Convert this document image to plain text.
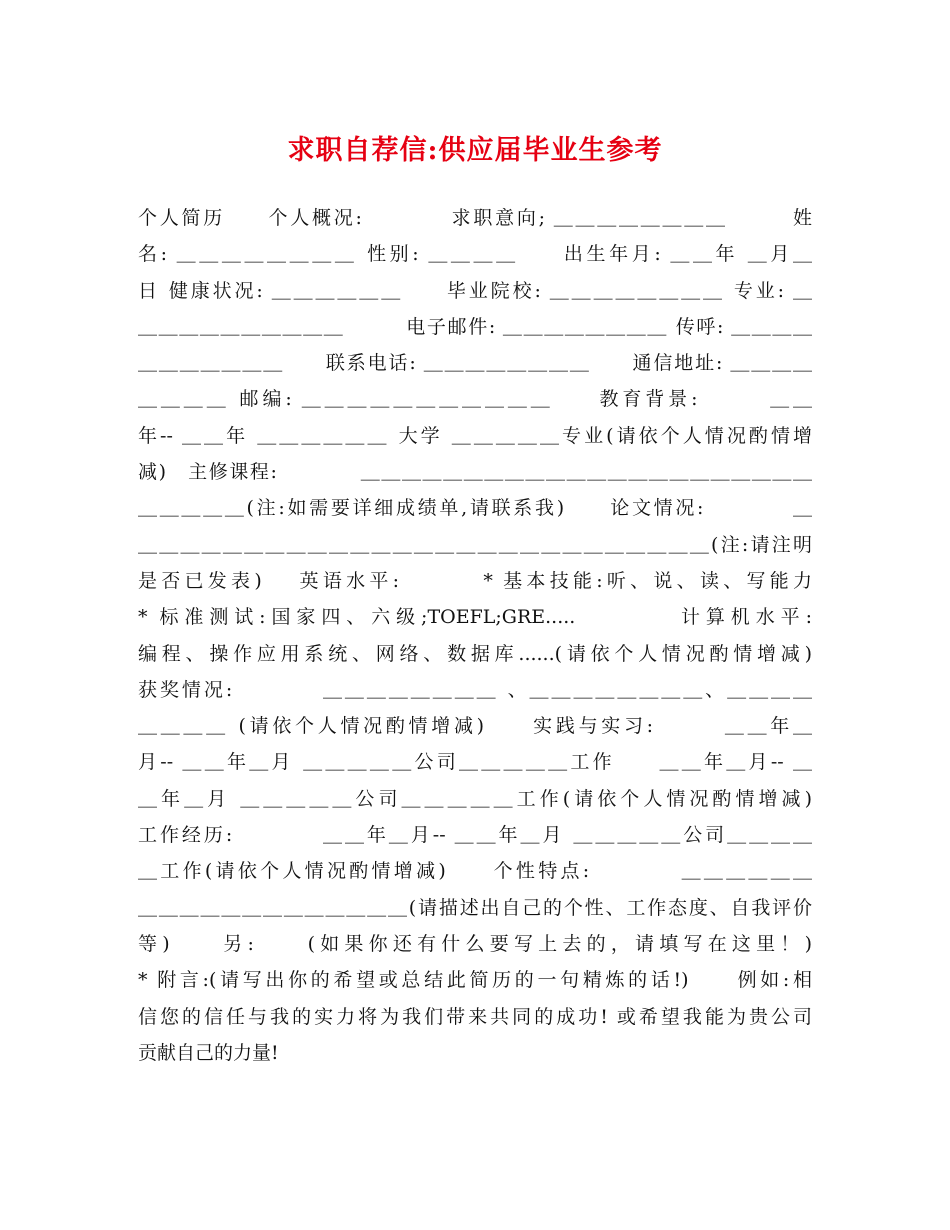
求职自荐信:供应届毕业生参考
个人简历　　个人概况:　　　　求职意向; ＿＿＿＿＿＿＿＿　　　姓
名: ＿＿＿＿＿＿＿＿ 性别: ＿＿＿＿　　出生年月: ＿＿年 ＿月＿
日 健康状况: ＿＿＿＿＿＿　　毕业院校: ＿＿＿＿＿＿＿＿ 专业: ＿
＿＿＿＿＿＿＿＿＿＿　　　电子邮件: ＿＿＿＿＿＿＿＿ 传呼: ＿＿＿＿
＿＿＿＿＿＿＿　　联系电话: ＿＿＿＿＿＿＿＿　　通信地址: ＿＿＿＿
＿＿＿＿ 邮编: ＿＿＿＿＿＿＿＿＿＿＿　　教育背景:　　　＿＿
年-- ＿＿年 ＿＿＿＿＿＿ 大学 ＿＿＿＿＿专业(请依个人情况酌情增
减)　主修课程:　　　　＿＿＿＿＿＿＿＿＿＿＿＿＿＿＿＿＿＿＿＿＿＿
＿＿＿＿＿(注:如需要详细成绩单,请联系我)　　论文情况:　　　　＿
＿＿＿＿＿＿＿＿＿＿＿＿＿＿＿＿＿＿＿＿＿＿＿＿＿＿＿(注:请注明
是否已发表)　 英语水平:　　　 * 基本技能:听、说、读、写能力
* 标准测试:国家四、六级;TOEFL;GRE.....　　　　计算机水平:
编程、操作应用系统、网络、数据库......(请依个人情况酌情增减)
获奖情况:　　　　＿＿＿＿＿＿＿＿ 、＿＿＿＿＿＿＿＿、＿＿＿＿
＿＿＿＿ (请依个人情况酌情增减)　　实践与实习:　　　＿＿年＿
月-- ＿＿年＿月 ＿＿＿＿＿公司＿＿＿＿＿工作　　＿＿年＿月-- ＿
＿年＿月 ＿＿＿＿＿公司＿＿＿＿＿工作(请依个人情况酌情增减)
工作经历:　　　　＿＿年＿月-- ＿＿年＿月 ＿＿＿＿＿公司＿＿＿＿
＿工作(请依个人情况酌情增减)　　个性特点:　　　　＿＿＿＿＿＿
＿＿＿＿＿＿＿＿＿＿＿＿＿(请描述出自己的个性、工作态度、自我评价
等)　　另:　　(如果你还有什么要写上去的，请填写在这里！)
* 附言:(请写出你的希望或总结此简历的一句精炼的话!)　　例如:相
信您的信任与我的实力将为我们带来共同的成功! 或希望我能为贵公司
贡献自己的力量!
